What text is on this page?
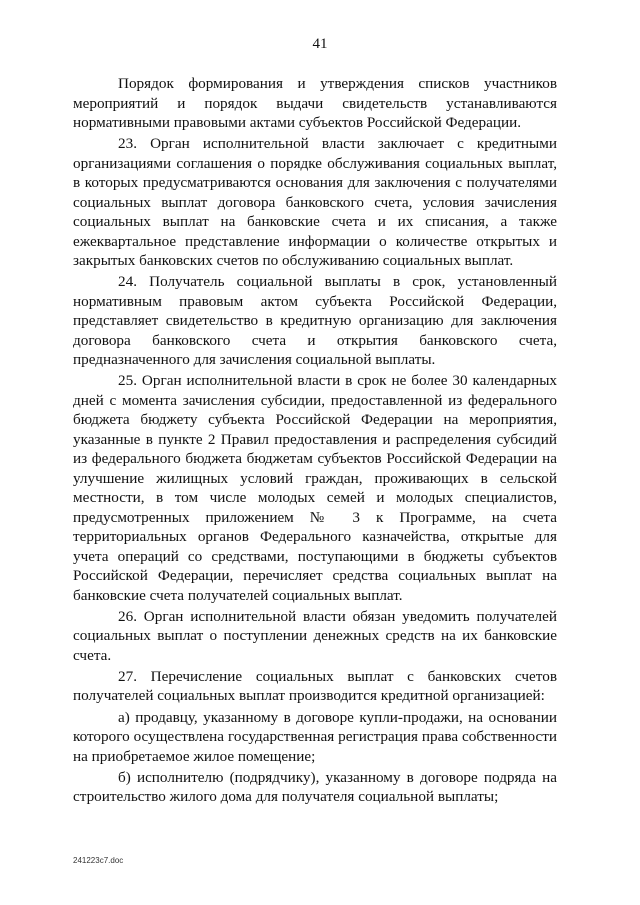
41

Порядок формирования и утверждения списков участников мероприятий и порядок выдачи свидетельств устанавливаются нормативными правовыми актами субъектов Российской Федерации.

23. Орган исполнительной власти заключает с кредитными организациями соглашения о порядке обслуживания социальных выплат, в которых предусматриваются основания для заключения с получателями социальных выплат договора банковского счета, условия зачисления социальных выплат на банковские счета и их списания, а также ежеквартальное представление информации о количестве открытых и закрытых банковских счетов по обслуживанию социальных выплат.

24. Получатель социальной выплаты в срок, установленный нормативным правовым актом субъекта Российской Федерации, представляет свидетельство в кредитную организацию для заключения договора банковского счета и открытия банковского счета, предназначенного для зачисления социальной выплаты.

25. Орган исполнительной власти в срок не более 30 календарных дней с момента зачисления субсидии, предоставленной из федерального бюджета бюджету субъекта Российской Федерации на мероприятия, указанные в пункте 2 Правил предоставления и распределения субсидий из федерального бюджета бюджетам субъектов Российской Федерации на улучшение жилищных условий граждан, проживающих в сельской местности, в том числе молодых семей и молодых специалистов, предусмотренных приложением № 3 к Программе, на счета территориальных органов Федерального казначейства, открытые для учета операций со средствами, поступающими в бюджеты субъектов Российской Федерации, перечисляет средства социальных выплат на банковские счета получателей социальных выплат.

26. Орган исполнительной власти обязан уведомить получателей социальных выплат о поступлении денежных средств на их банковские счета.

27. Перечисление социальных выплат с банковских счетов получателей социальных выплат производится кредитной организацией:

а) продавцу, указанному в договоре купли-продажи, на основании которого осуществлена государственная регистрация права собственности на приобретаемое жилое помещение;

б) исполнителю (подрядчику), указанному в договоре подряда на строительство жилого дома для получателя социальной выплаты;

241223с7.doc
